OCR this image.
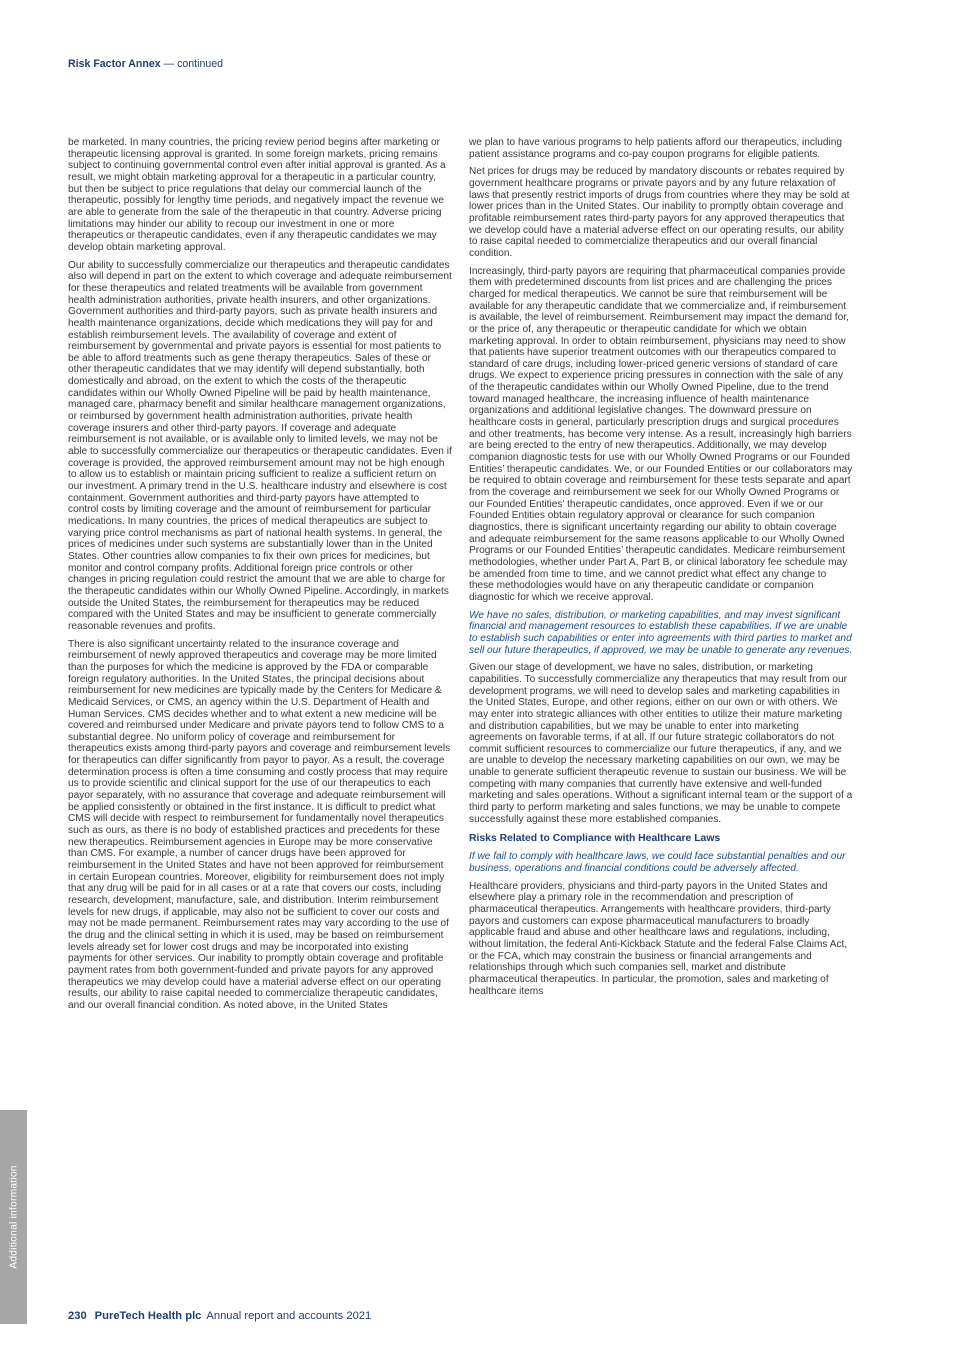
Risk Factor Annex — continued

be marketed. In many countries, the pricing review period begins after marketing or therapeutic licensing approval is granted. In some foreign markets, pricing remains subject to continuing governmental control even after initial approval is granted. As a result, we might obtain marketing approval for a therapeutic in a particular country, but then be subject to price regulations that delay our commercial launch of the therapeutic, possibly for lengthy time periods, and negatively impact the revenue we are able to generate from the sale of the therapeutic in that country. Adverse pricing limitations may hinder our ability to recoup our investment in one or more therapeutics or therapeutic candidates, even if any therapeutic candidates we may develop obtain marketing approval.

Our ability to successfully commercialize our therapeutics and therapeutic candidates also will depend in part on the extent to which coverage and adequate reimbursement for these therapeutics and related treatments will be available from government health administration authorities, private health insurers, and other organizations. Government authorities and third-party payors, such as private health insurers and health maintenance organizations, decide which medications they will pay for and establish reimbursement levels. The availability of coverage and extent of reimbursement by governmental and private payors is essential for most patients to be able to afford treatments such as gene therapy therapeutics. Sales of these or other therapeutic candidates that we may identify will depend substantially, both domestically and abroad, on the extent to which the costs of the therapeutic candidates within our Wholly Owned Pipeline will be paid by health maintenance, managed care, pharmacy benefit and similar healthcare management organizations, or reimbursed by government health administration authorities, private health coverage insurers and other third-party payors. If coverage and adequate reimbursement is not available, or is available only to limited levels, we may not be able to successfully commercialize our therapeutics or therapeutic candidates. Even if coverage is provided, the approved reimbursement amount may not be high enough to allow us to establish or maintain pricing sufficient to realize a sufficient return on our investment. A primary trend in the U.S. healthcare industry and elsewhere is cost containment. Government authorities and third-party payors have attempted to control costs by limiting coverage and the amount of reimbursement for particular medications. In many countries, the prices of medical therapeutics are subject to varying price control mechanisms as part of national health systems. In general, the prices of medicines under such systems are substantially lower than in the United States. Other countries allow companies to fix their own prices for medicines, but monitor and control company profits. Additional foreign price controls or other changes in pricing regulation could restrict the amount that we are able to charge for the therapeutic candidates within our Wholly Owned Pipeline. Accordingly, in markets outside the United States, the reimbursement for therapeutics may be reduced compared with the United States and may be insufficient to generate commercially reasonable revenues and profits.

There is also significant uncertainty related to the insurance coverage and reimbursement of newly approved therapeutics and coverage may be more limited than the purposes for which the medicine is approved by the FDA or comparable foreign regulatory authorities. In the United States, the principal decisions about reimbursement for new medicines are typically made by the Centers for Medicare & Medicaid Services, or CMS, an agency within the U.S. Department of Health and Human Services. CMS decides whether and to what extent a new medicine will be covered and reimbursed under Medicare and private payors tend to follow CMS to a substantial degree. No uniform policy of coverage and reimbursement for therapeutics exists among third-party payors and coverage and reimbursement levels for therapeutics can differ significantly from payor to payor. As a result, the coverage determination process is often a time consuming and costly process that may require us to provide scientific and clinical support for the use of our therapeutics to each payor separately, with no assurance that coverage and adequate reimbursement will be applied consistently or obtained in the first instance. It is difficult to predict what CMS will decide with respect to reimbursement for fundamentally novel therapeutics such as ours, as there is no body of established practices and precedents for these new therapeutics. Reimbursement agencies in Europe may be more conservative than CMS. For example, a number of cancer drugs have been approved for reimbursement in the United States and have not been approved for reimbursement in certain European countries. Moreover, eligibility for reimbursement does not imply that any drug will be paid for in all cases or at a rate that covers our costs, including research, development, manufacture, sale, and distribution. Interim reimbursement levels for new drugs, if applicable, may also not be sufficient to cover our costs and may not be made permanent. Reimbursement rates may vary according to the use of the drug and the clinical setting in which it is used, may be based on reimbursement levels already set for lower cost drugs and may be incorporated into existing payments for other services. Our inability to promptly obtain coverage and profitable payment rates from both government-funded and private payors for any approved therapeutics we may develop could have a material adverse effect on our operating results, our ability to raise capital needed to commercialize therapeutic candidates, and our overall financial condition. As noted above, in the United States

we plan to have various programs to help patients afford our therapeutics, including patient assistance programs and co-pay coupon programs for eligible patients.

Net prices for drugs may be reduced by mandatory discounts or rebates required by government healthcare programs or private payors and by any future relaxation of laws that presently restrict imports of drugs from countries where they may be sold at lower prices than in the United States. Our inability to promptly obtain coverage and profitable reimbursement rates third-party payors for any approved therapeutics that we develop could have a material adverse effect on our operating results, our ability to raise capital needed to commercialize therapeutics and our overall financial condition.

Increasingly, third-party payors are requiring that pharmaceutical companies provide them with predetermined discounts from list prices and are challenging the prices charged for medical therapeutics. We cannot be sure that reimbursement will be available for any therapeutic candidate that we commercialize and, if reimbursement is available, the level of reimbursement. Reimbursement may impact the demand for, or the price of, any therapeutic or therapeutic candidate for which we obtain marketing approval. In order to obtain reimbursement, physicians may need to show that patients have superior treatment outcomes with our therapeutics compared to standard of care drugs, including lower-priced generic versions of standard of care drugs. We expect to experience pricing pressures in connection with the sale of any of the therapeutic candidates within our Wholly Owned Pipeline, due to the trend toward managed healthcare, the increasing influence of health maintenance organizations and additional legislative changes. The downward pressure on healthcare costs in general, particularly prescription drugs and surgical procedures and other treatments, has become very intense. As a result, increasingly high barriers are being erected to the entry of new therapeutics. Additionally, we may develop companion diagnostic tests for use with our Wholly Owned Programs or our Founded Entities’ therapeutic candidates. We, or our Founded Entities or our collaborators may be required to obtain coverage and reimbursement for these tests separate and apart from the coverage and reimbursement we seek for our Wholly Owned Programs or our Founded Entities’ therapeutic candidates, once approved. Even if we or our Founded Entities obtain regulatory approval or clearance for such companion diagnostics, there is significant uncertainty regarding our ability to obtain coverage and adequate reimbursement for the same reasons applicable to our Wholly Owned Programs or our Founded Entities’ therapeutic candidates. Medicare reimbursement methodologies, whether under Part A, Part B, or clinical laboratory fee schedule may be amended from time to time, and we cannot predict what effect any change to these methodologies would have on any therapeutic candidate or companion diagnostic for which we receive approval.

We have no sales, distribution, or marketing capabilities, and may invest significant financial and management resources to establish these capabilities. If we are unable to establish such capabilities or enter into agreements with third parties to market and sell our future therapeutics, if approved, we may be unable to generate any revenues.

Given our stage of development, we have no sales, distribution, or marketing capabilities. To successfully commercialize any therapeutics that may result from our development programs, we will need to develop sales and marketing capabilities in the United States, Europe, and other regions, either on our own or with others. We may enter into strategic alliances with other entities to utilize their mature marketing and distribution capabilities, but we may be unable to enter into marketing agreements on favorable terms, if at all. If our future strategic collaborators do not commit sufficient resources to commercialize our future therapeutics, if any, and we are unable to develop the necessary marketing capabilities on our own, we may be unable to generate sufficient therapeutic revenue to sustain our business. We will be competing with many companies that currently have extensive and well-funded marketing and sales operations. Without a significant internal team or the support of a third party to perform marketing and sales functions, we may be unable to compete successfully against these more established companies.

Risks Related to Compliance with Healthcare Laws

If we fail to comply with healthcare laws, we could face substantial penalties and our business, operations and financial conditions could be adversely affected.

Healthcare providers, physicians and third-party payors in the United States and elsewhere play a primary role in the recommendation and prescription of pharmaceutical therapeutics. Arrangements with healthcare providers, third-party payors and customers can expose pharmaceutical manufacturers to broadly applicable fraud and abuse and other healthcare laws and regulations, including, without limitation, the federal Anti-Kickback Statute and the federal False Claims Act, or the FCA, which may constrain the business or financial arrangements and relationships through which such companies sell, market and distribute pharmaceutical therapeutics. In particular, the promotion, sales and marketing of healthcare items

Additional information
230 PureTech Health plc Annual report and accounts 2021
